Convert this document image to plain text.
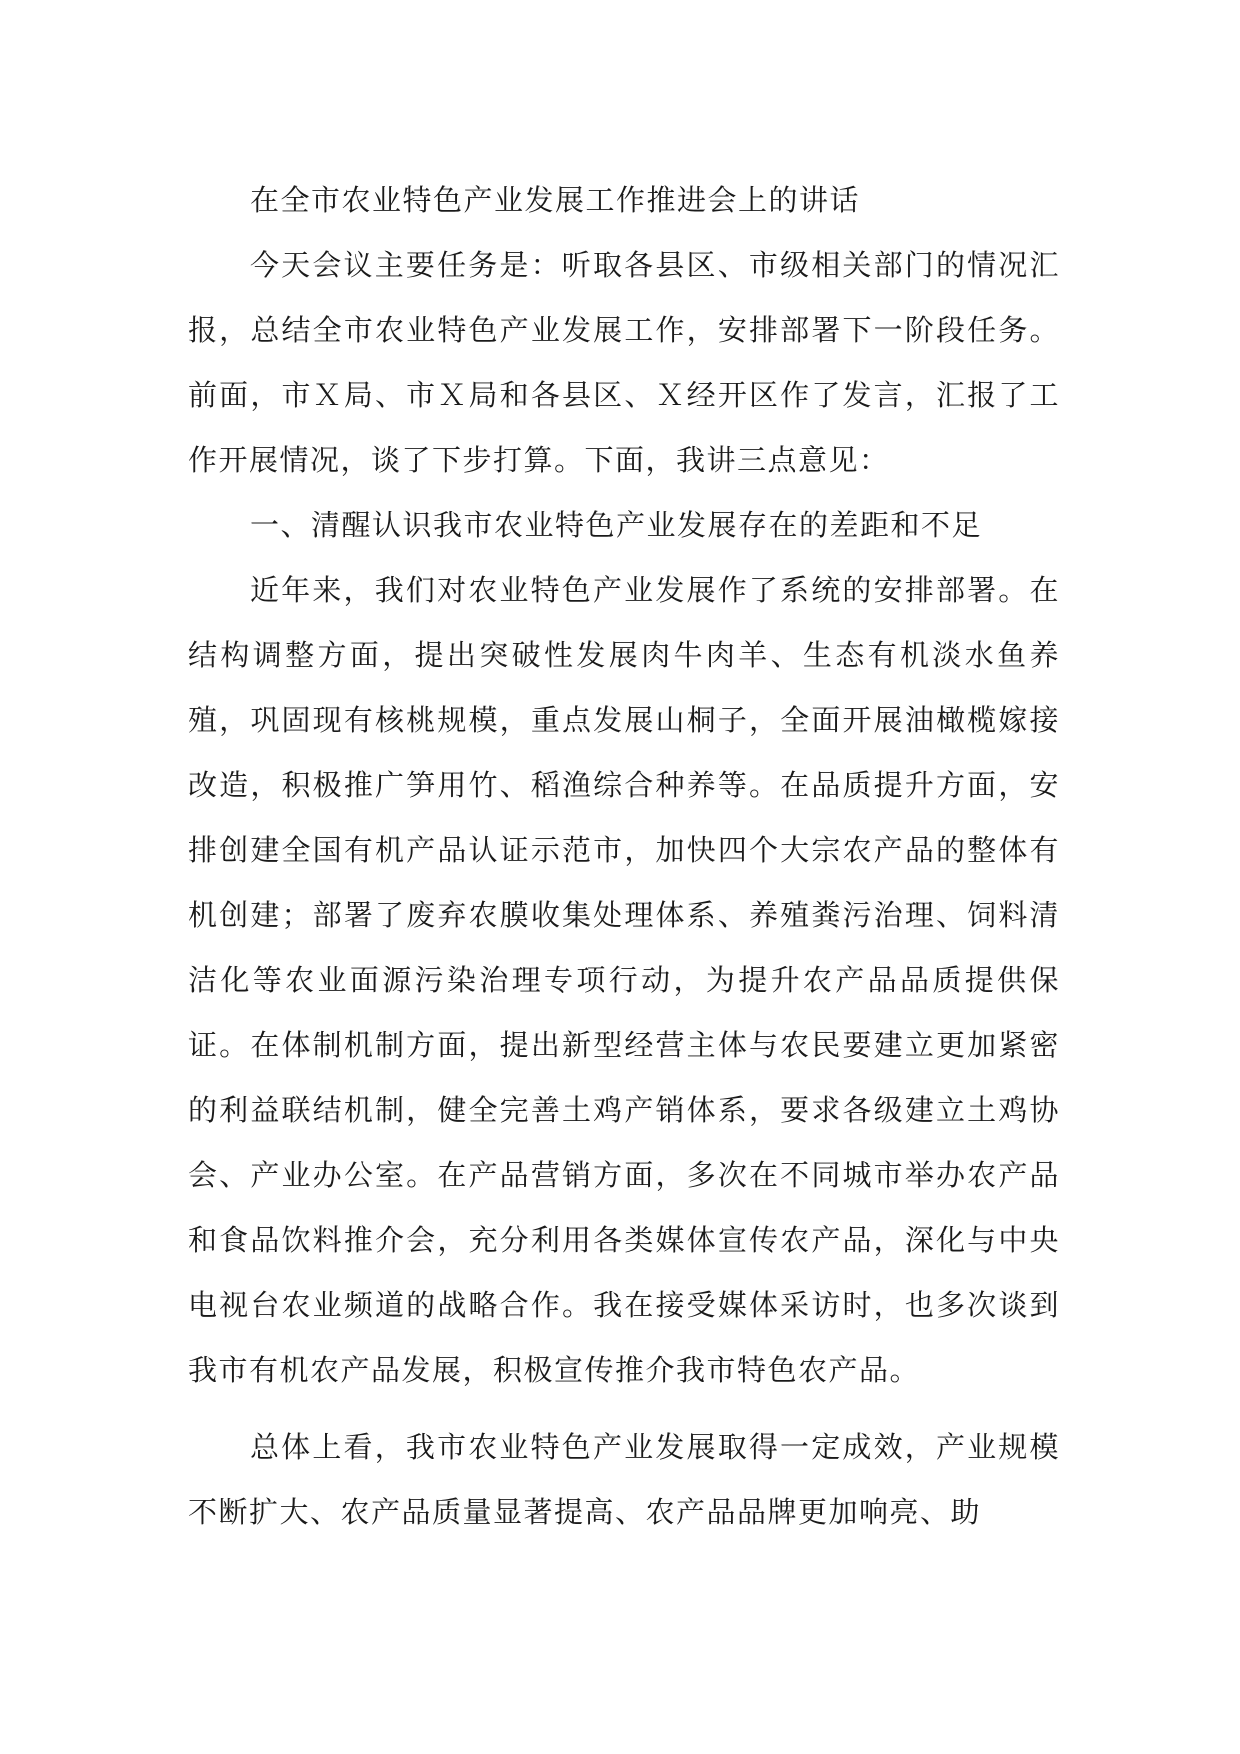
在全市农业特色产业发展工作推进会上的讲话

今天会议主要任务是：听取各县区、市级相关部门的情况汇报，总结全市农业特色产业发展工作，安排部署下一阶段任务。前面，市Ｘ局、市Ｘ局和各县区、Ｘ经开区作了发言，汇报了工作开展情况，谈了下步打算。下面，我讲三点意见：

一、清醒认识我市农业特色产业发展存在的差距和不足

近年来，我们对农业特色产业发展作了系统的安排部署。在结构调整方面，提出突破性发展肉牛肉羊、生态有机淡水鱼养殖，巩固现有核桃规模，重点发展山桐子，全面开展油橄榄嫁接改造，积极推广笋用竹、稻渔综合种养等。在品质提升方面，安排创建全国有机产品认证示范市，加快四个大宗农产品的整体有机创建；部署了废弃农膜收集处理体系、养殖粪污治理、饲料清洁化等农业面源污染治理专项行动，为提升农产品品质提供保证。在体制机制方面，提出新型经营主体与农民要建立更加紧密的利益联结机制，健全完善土鸡产销体系，要求各级建立土鸡协会、产业办公室。在产品营销方面，多次在不同城市举办农产品和食品饮料推介会，充分利用各类媒体宣传农产品，深化与中央电视台农业频道的战略合作。我在接受媒体采访时，也多次谈到我市有机农产品发展，积极宣传推介我市特色农产品。

总体上看，我市农业特色产业发展取得一定成效，产业规模不断扩大、农产品质量显著提高、农产品品牌更加响亮、助
